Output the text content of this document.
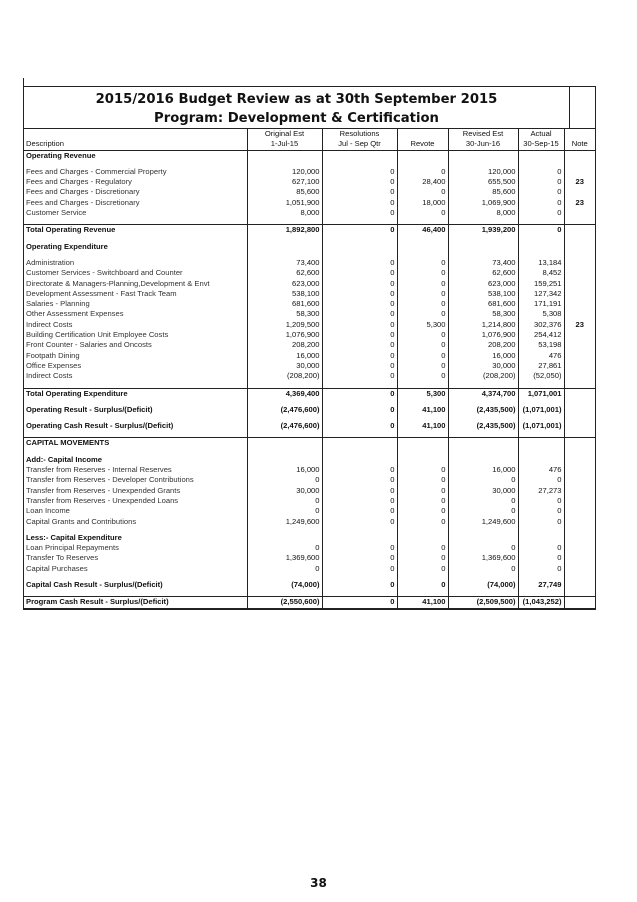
2015/2016 Budget Review as at 30th September 2015
Program: Development & Certification
	Original Est	Resolutions		Revised Est	Actual	
Description	1-Jul-15	Jul - Sep Qtr	Revote	30-Jun-16	30-Sep-15	Note
Operating Revenue						

Fees and Charges - Commercial Property	120,000	0	0	120,000	0	
Fees and Charges - Regulatory	627,100	0	28,400	655,500	0	23
Fees and Charges - Discretionary	85,600	0	0	85,600	0	
Fees and Charges - Discretionary	1,051,900	0	18,000	1,069,900	0	23
Customer Service	8,000	0	0	8,000	0	

Total Operating Revenue	1,892,800	0	46,400	1,939,200	0	

Operating Expenditure						

Administration	73,400	0	0	73,400	13,184	
Customer Services - Switchboard and Counter	62,600	0	0	62,600	8,452	
Directorate & Managers-Planning,Development & Envt	623,000	0	0	623,000	159,251	
Development Assessment - Fast Track Team	538,100	0	0	538,100	127,342	
Salaries - Planning	681,600	0	0	681,600	171,191	
Other Assessment Expenses	58,300	0	0	58,300	5,308	
Indirect Costs	1,209,500	0	5,300	1,214,800	302,376	23
Building Certification Unit Employee Costs	1,076,900	0	0	1,076,900	254,412	
Front Counter - Salaries and Oncosts	208,200	0	0	208,200	53,198	
Footpath Dining	16,000	0	0	16,000	476	
Office Expenses	30,000	0	0	30,000	27,861	
Indirect Costs	(208,200)	0	0	(208,200)	(52,050)	

Total Operating Expenditure	4,369,400	0	5,300	4,374,700	1,071,001	

Operating Result - Surplus/(Deficit)	(2,476,600)	0	41,100	(2,435,500)	(1,071,001)	

Operating Cash Result - Surplus/(Deficit)	(2,476,600)	0	41,100	(2,435,500)	(1,071,001)	

CAPITAL MOVEMENTS						

Add:- Capital Income						
Transfer from Reserves - Internal Reserves	16,000	0	0	16,000	476	
Transfer from Reserves - Developer Contributions	0	0	0	0	0	
Transfer from Reserves - Unexpended Grants	30,000	0	0	30,000	27,273	
Transfer from Reserves - Unexpended Loans	0	0	0	0	0	
Loan Income	0	0	0	0	0	
Capital Grants and Contributions	1,249,600	0	0	1,249,600	0	

Less:- Capital Expenditure						
Loan Principal Repayments	0	0	0	0	0	
Transfer To Reserves	1,369,600	0	0	1,369,600	0	
Capital Purchases	0	0	0	0	0	

Capital Cash Result - Surplus/(Deficit)	(74,000)	0	0	(74,000)	27,749	

Program Cash Result - Surplus/(Deficit)	(2,550,600)	0	41,100	(2,509,500)	(1,043,252)	
38
